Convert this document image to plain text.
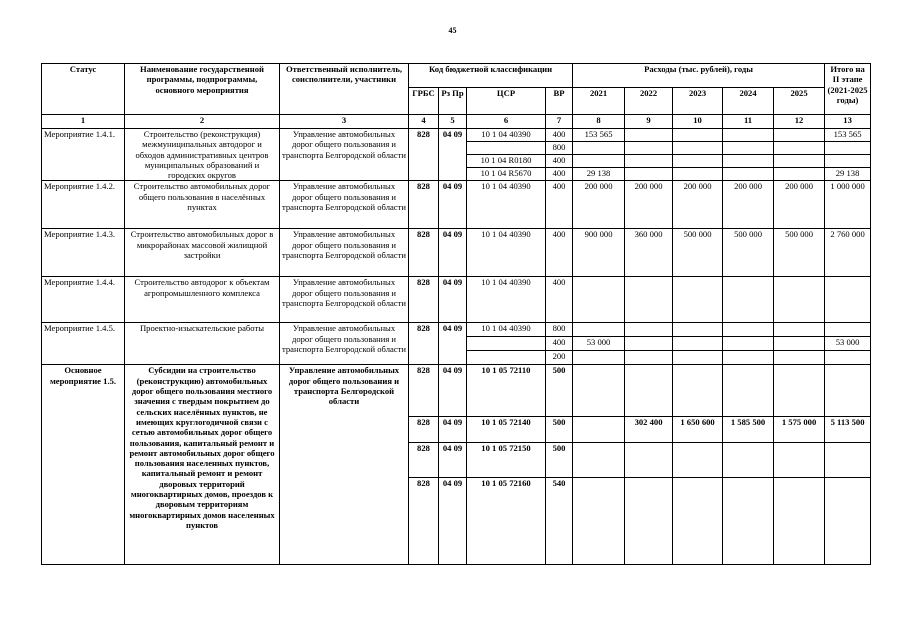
45
Статус	Наименование государственной программы, подпрограммы, основного мероприятия	Ответственный исполнитель, соисполнители, участники	Код бюджетной классификации				Расходы (тыс. рублей), годы					Итого на II этапе (2021-2025 годы)
			ГРБС	Рз Пр	ЦСР	ВР	2021	2022	2023	2024	2025	
1	2	3	4	5	6	7	8	9	10	11	12	13
Мероприятие 1.4.1.	Строительство (реконструкция) межмуниципальных автодорог и обходов административных центров муниципальных образований и городских округов	Управление автомобильных дорог общего пользования и транспорта Белгородской области	828	04 09	10 1 04 40390	400	153 565					153 565
						800						
					10 1 04 R0180	400						
					10 1 04 R5670	400	29 138					29 138
Мероприятие 1.4.2.	Строительство автомобильных дорог общего пользования в населённых пунктах	Управление автомобильных дорог общего пользования и транспорта Белгородской области	828	04 09	10 1 04 40390	400	200 000	200 000	200 000	200 000	200 000	1 000 000
Мероприятие 1.4.3.	Строительство автомобильных дорог в микрорайонах массовой жилищной застройки	Управление автомобильных дорог общего пользования и транспорта Белгородской области	828	04 09	10 1 04 40390	400	900 000	360 000	500 000	500 000	500 000	2 760 000
Мероприятие 1.4.4.	Строительство автодорог к объектам агропромышленного комплекса	Управление автомобильных дорог общего пользования и транспорта Белгородской области	828	04 09	10 1 04 40390	400						
Мероприятие 1.4.5.	Проектно-изыскательские работы	Управление автомобильных дорог общего пользования и транспорта Белгородской области	828	04 09	10 1 04 40390	800						
						400	53 000					53 000
						200						
Основное мероприятие 1.5.	Субсидии на строительство (реконструкцию) автомобильных дорог общего пользования местного значения с твердым покрытием до сельских населённых пунктов, не имеющих круглогодичной связи с сетью автомобильных дорог общего пользования, капитальный ремонт и ремонт автомобильных дорог общего пользования населенных пунктов, капитальный ремонт и ремонт дворовых территорий многоквартирных домов, проездов к дворовым территориям многоквартирных домов населенных пунктов	Управление автомобильных дорог общего пользования и транспорта Белгородской области	828	04 09	10 1 05 72110	500						
			828	04 09	10 1 05 72140	500		302 400	1 650 600	1 585 500	1 575 000	5 113 500
			828	04 09	10 1 05 72150	500						
			828	04 09	10 1 05 72160	540						
